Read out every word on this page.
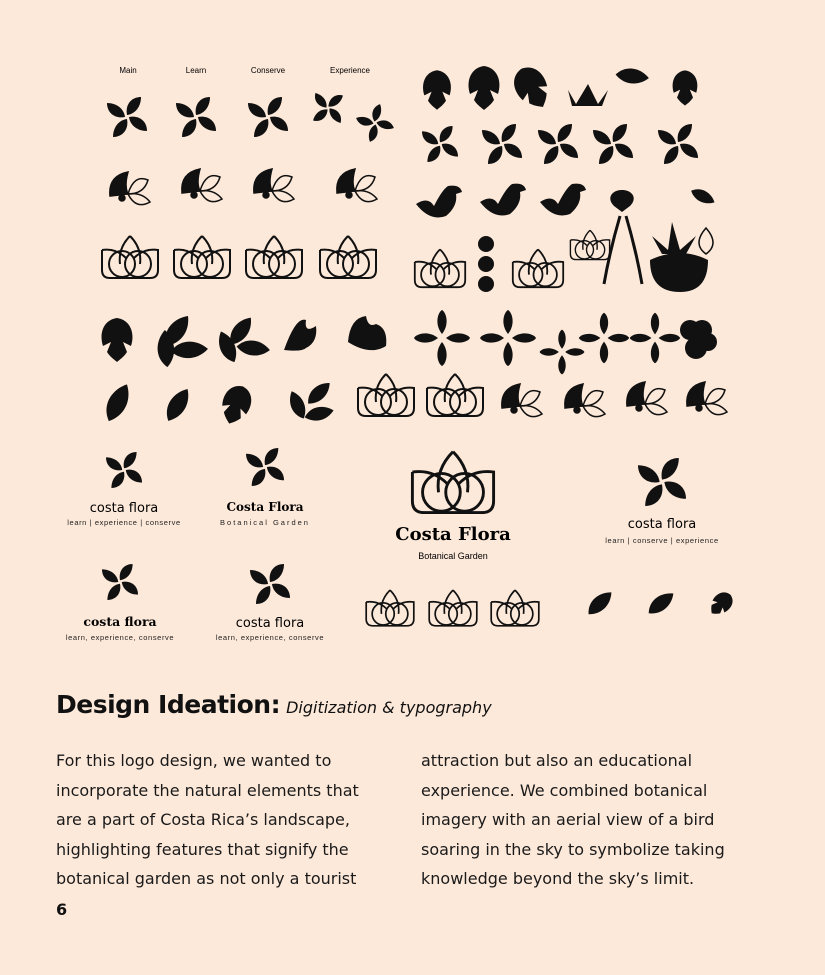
Main	Learn	Conserve	Experience
costa flora
learn | experience | conserve
Costa Flora
Botanical Garden
Costa Flora
Botanical Garden
costa flora
learn | conserve | experience
costa flora
learn, experience, conserve
costa flora
learn, experience, conserve
Design Ideation: Digitization & typography
For this logo design, we wanted to
incorporate the natural elements that
are a part of Costa Rica’s landscape,
highlighting features that signify the
botanical garden as not only a tourist
attraction but also an educational
experience. We combined botanical
imagery with an aerial view of a bird
soaring in the sky to symbolize taking
knowledge beyond the sky’s limit.
6
